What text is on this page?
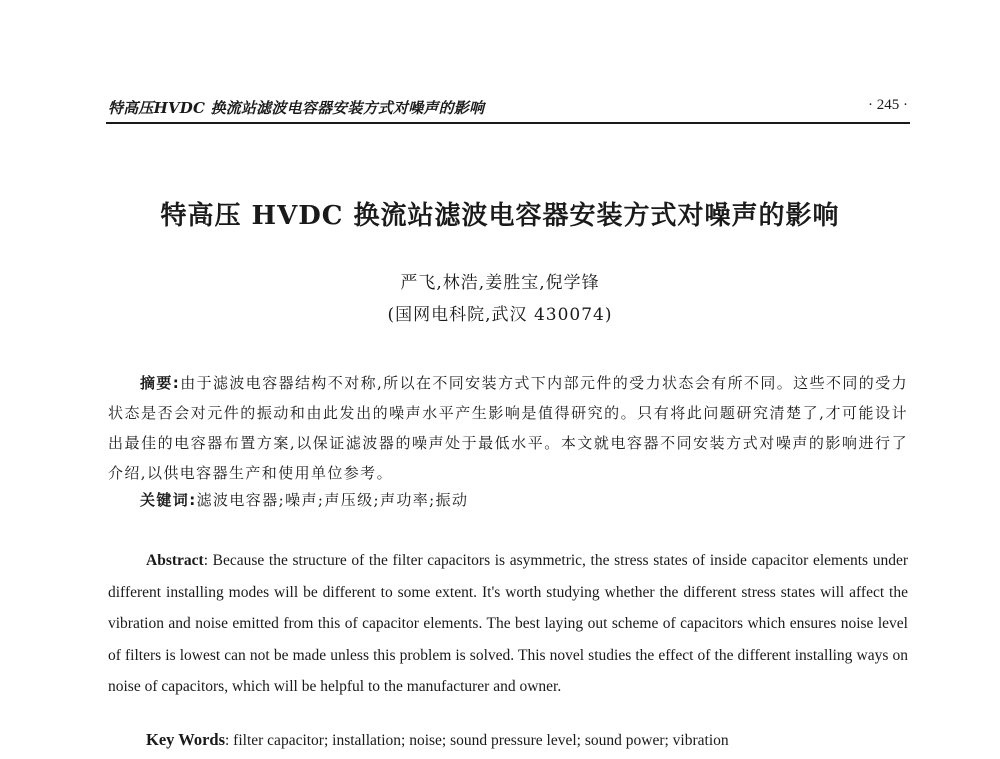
特高压HVDC 换流站滤波电容器安装方式对噪声的影响	· 245 ·
特高压 HVDC 换流站滤波电容器安装方式对噪声的影响
严飞,林浩,姜胜宝,倪学锋
(国网电科院,武汉 430074)
摘要:由于滤波电容器结构不对称,所以在不同安装方式下内部元件的受力状态会有所不同。这些不同的受力状态是否会对元件的振动和由此发出的噪声水平产生影响是值得研究的。只有将此问题研究清楚了,才可能设计出最佳的电容器布置方案,以保证滤波器的噪声处于最低水平。本文就电容器不同安装方式对噪声的影响进行了介绍,以供电容器生产和使用单位参考。
关键词:滤波电容器;噪声;声压级;声功率;振动
Abstract: Because the structure of the filter capacitors is asymmetric, the stress states of inside capacitor elements under different installing modes will be different to some extent. It's worth studying whether the different stress states will affect the vibration and noise emitted from this of capacitor elements. The best laying out scheme of capacitors which ensures noise level of filters is lowest can not be made unless this problem is solved. This novel studies the effect of the different installing ways on noise of capacitors, which will be helpful to the manufacturer and owner.
Key Words: filter capacitor; installation; noise; sound pressure level; sound power; vibration
